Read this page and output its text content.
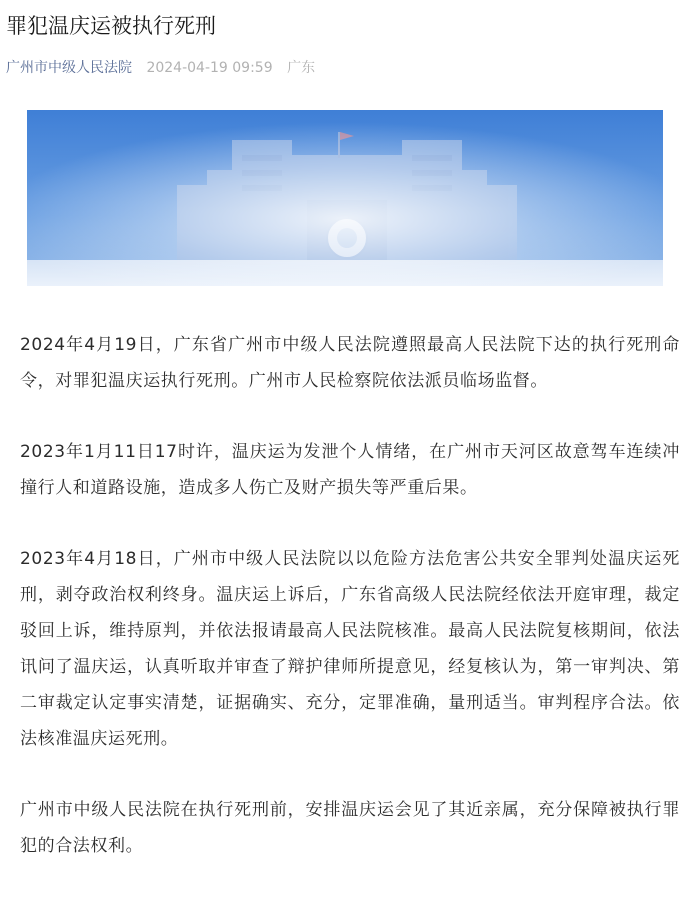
罪犯温庆运被执行死刑
广州市中级人民法院 2024-04-19 09:59 广东

2024年4月19日，广东省广州市中级人民法院遵照最高人民法院下达的执行死刑命令，对罪犯温庆运执行死刑。广州市人民检察院依法派员临场监督。

2023年1月11日17时许，温庆运为发泄个人情绪，在广州市天河区故意驾车连续冲撞行人和道路设施，造成多人伤亡及财产损失等严重后果。

2023年4月18日，广州市中级人民法院以以危险方法危害公共安全罪判处温庆运死刑，剥夺政治权利终身。温庆运上诉后，广东省高级人民法院经依法开庭审理，裁定驳回上诉，维持原判，并依法报请最高人民法院核准。最高人民法院复核期间，依法讯问了温庆运，认真听取并审查了辩护律师所提意见，经复核认为，第一审判决、第二审裁定认定事实清楚，证据确实、充分，定罪准确，量刑适当。审判程序合法。依法核准温庆运死刑。

广州市中级人民法院在执行死刑前，安排温庆运会见了其近亲属，充分保障被执行罪犯的合法权利。
